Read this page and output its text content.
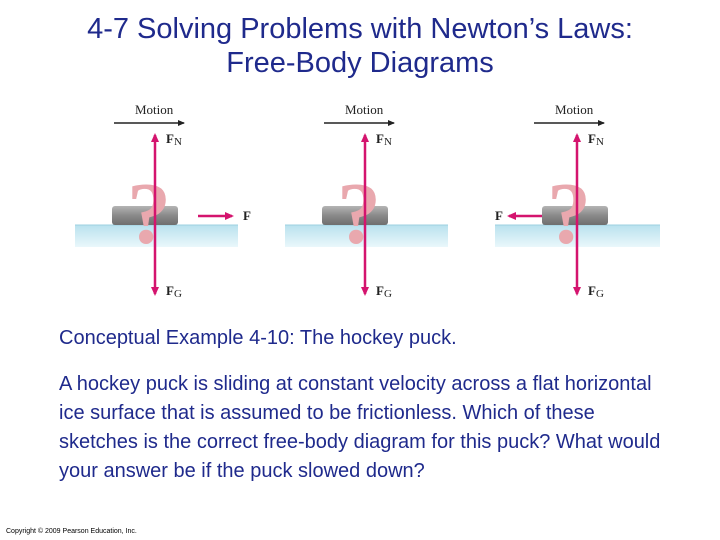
4-7 Solving Problems with Newton’s Laws:
Free-Body Diagrams
?
Motion
FN
FG
F ?
Motion
FN
FG
?
Motion
FN
FG
F
Conceptual Example 4-10: The hockey puck.
A hockey puck is sliding at constant velocity across a flat horizontal ice surface that is assumed to be frictionless. Which of these sketches is the correct free-body diagram for this puck? What would your answer be if the puck slowed down?
Copyright © 2009 Pearson Education, Inc.
